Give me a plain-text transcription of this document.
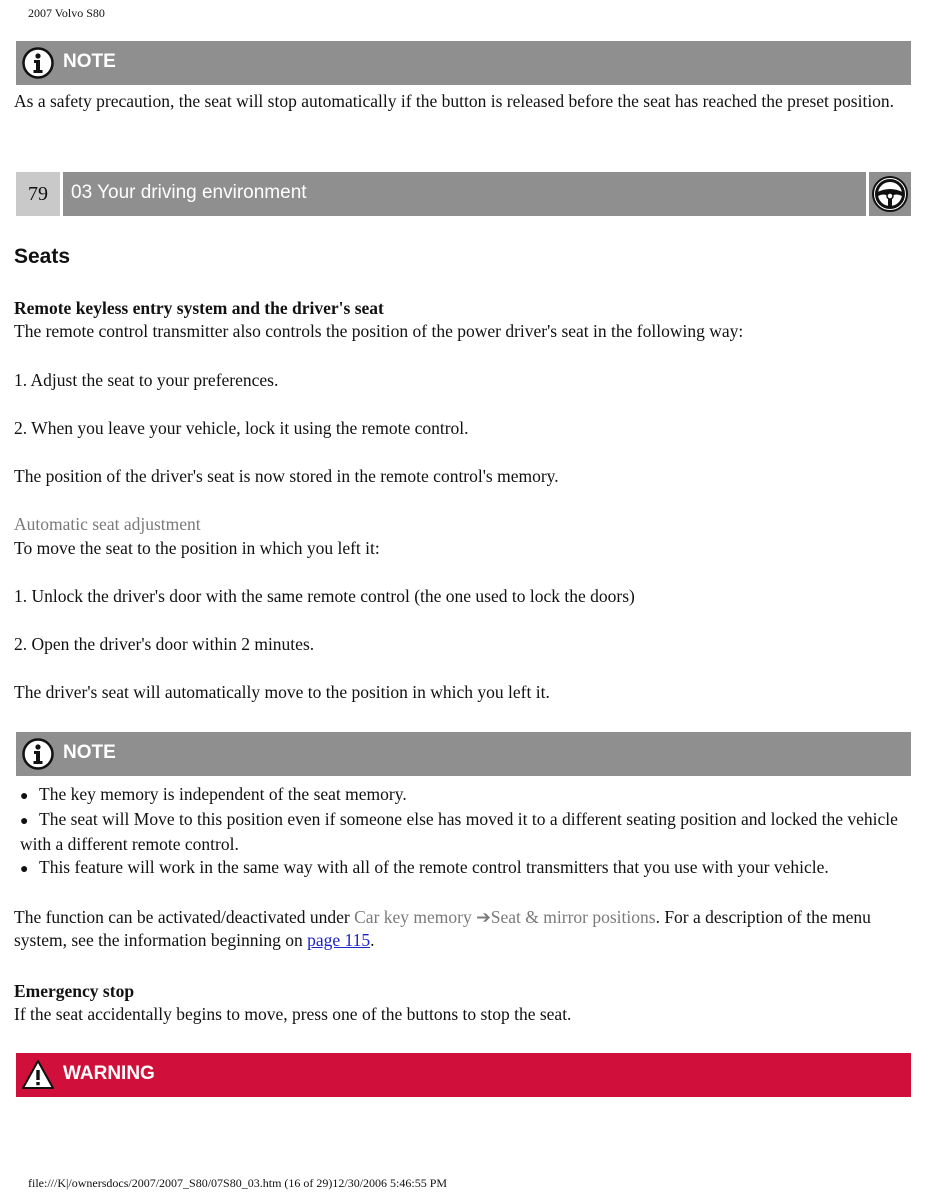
2007 Volvo S80
NOTE
As a safety precaution, the seat will stop automatically if the button is released before the seat has reached the preset position.
79	03 Your driving environment
Seats
Remote keyless entry system and the driver's seat
The remote control transmitter also controls the position of the power driver's seat in the following way:
1. Adjust the seat to your preferences.
2. When you leave your vehicle, lock it using the remote control.
The position of the driver's seat is now stored in the remote control's memory.
Automatic seat adjustment
To move the seat to the position in which you left it:
1. Unlock the driver's door with the same remote control (the one used to lock the doors)
2. Open the driver's door within 2 minutes.
The driver's seat will automatically move to the position in which you left it.
NOTE
● The key memory is independent of the seat memory.
● The seat will Move to this position even if someone else has moved it to a different seating position and locked the vehicle with a different remote control.
● This feature will work in the same way with all of the remote control transmitters that you use with your vehicle.
The function can be activated/deactivated under Car key memory ➔Seat & mirror positions. For a description of the menu system, see the information beginning on page 115.
Emergency stop
If the seat accidentally begins to move, press one of the buttons to stop the seat.
WARNING
file:///K|/ownersdocs/2007/2007_S80/07S80_03.htm (16 of 29)12/30/2006 5:46:55 PM
